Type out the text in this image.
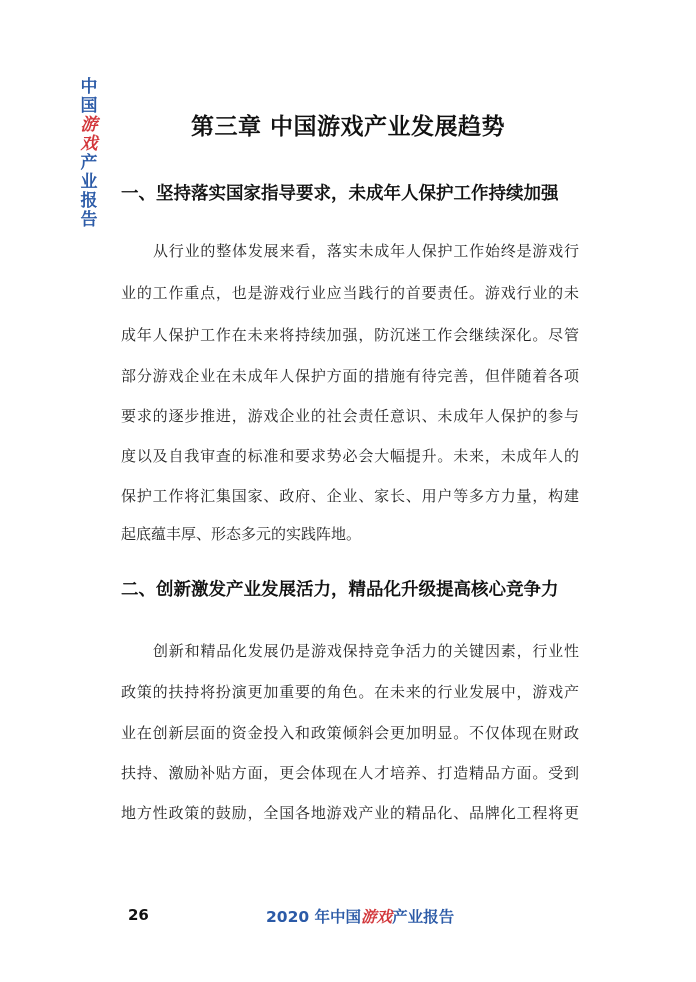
中
国
游
戏
产
业
报
告
第三章 中国游戏产业发展趋势
一、坚持落实国家指导要求，未成年人保护工作持续加强
从行业的整体发展来看，落实未成年人保护工作始终是游戏行
业的工作重点，也是游戏行业应当践行的首要责任。游戏行业的未
成年人保护工作在未来将持续加强，防沉迷工作会继续深化。尽管
部分游戏企业在未成年人保护方面的措施有待完善，但伴随着各项
要求的逐步推进，游戏企业的社会责任意识、未成年人保护的参与
度以及自我审查的标准和要求势必会大幅提升。未来，未成年人的
保护工作将汇集国家、政府、企业、家长、用户等多方力量，构建
起底蕴丰厚、形态多元的实践阵地。
二、创新激发产业发展活力，精品化升级提高核心竞争力
创新和精品化发展仍是游戏保持竞争活力的关键因素，行业性
政策的扶持将扮演更加重要的角色。在未来的行业发展中，游戏产
业在创新层面的资金投入和政策倾斜会更加明显。不仅体现在财政
扶持、激励补贴方面，更会体现在人才培养、打造精品方面。受到
地方性政策的鼓励，全国各地游戏产业的精品化、品牌化工程将更
26	2020 年中国游戏产业报告
